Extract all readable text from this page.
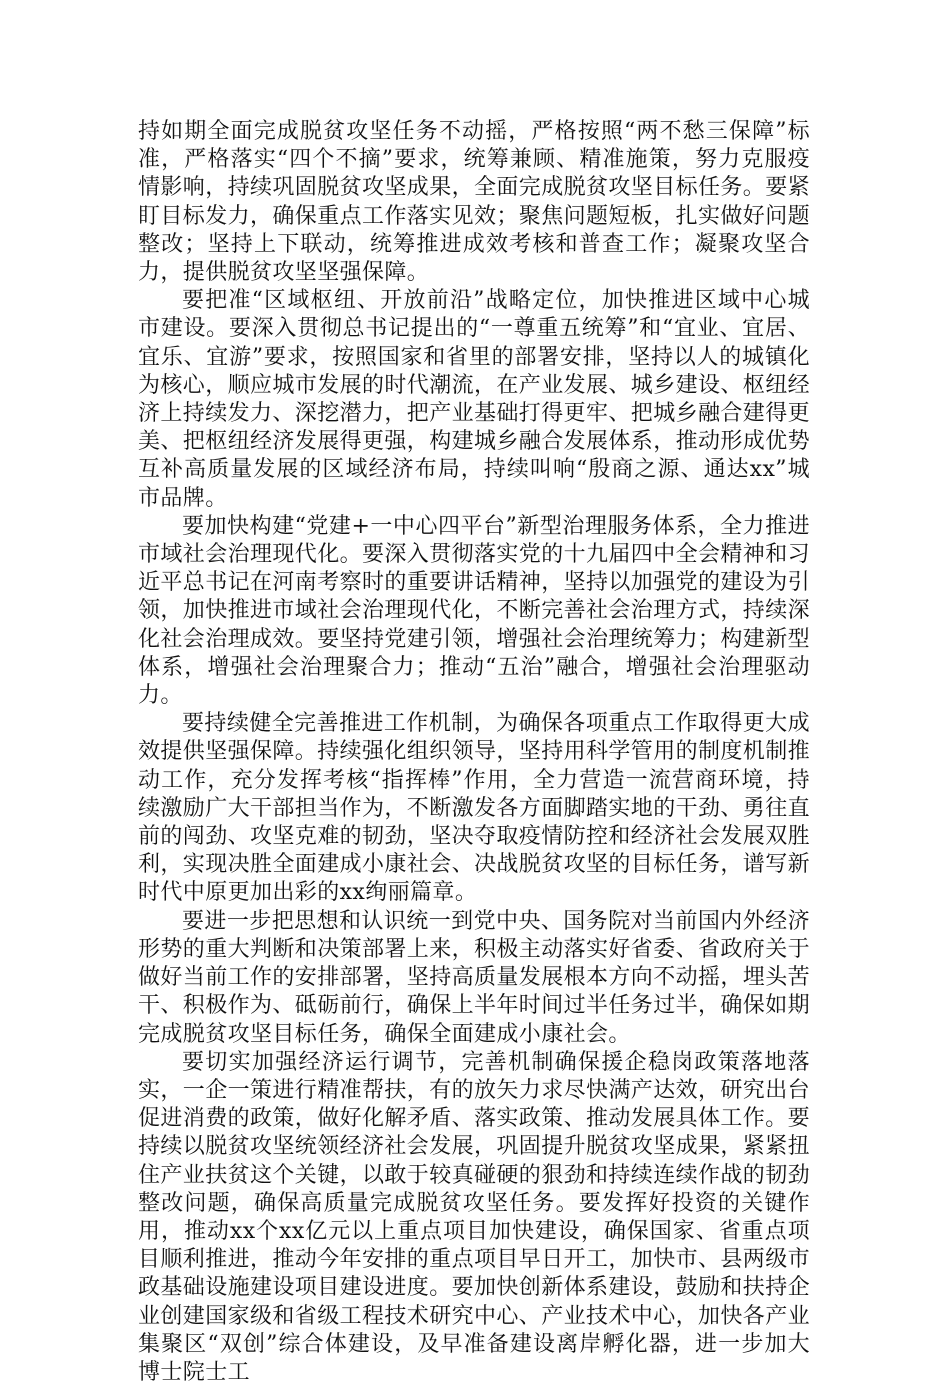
持如期全面完成脱贫攻坚任务不动摇，严格按照“两不愁三保障”标准，严格落实“四个不摘”要求，统筹兼顾、精准施策，努力克服疫情影响，持续巩固脱贫攻坚成果，全面完成脱贫攻坚目标任务。要紧盯目标发力，确保重点工作落实见效；聚焦问题短板，扎实做好问题整改；坚持上下联动，统筹推进成效考核和普查工作；凝聚攻坚合力，提供脱贫攻坚坚强保障。

要把准“区域枢纽、开放前沿”战略定位，加快推进区域中心城市建设。要深入贯彻总书记提出的“一尊重五统筹”和“宜业、宜居、宜乐、宜游”要求，按照国家和省里的部署安排，坚持以人的城镇化为核心，顺应城市发展的时代潮流，在产业发展、城乡建设、枢纽经济上持续发力、深挖潜力，把产业基础打得更牢、把城乡融合建得更美、把枢纽经济发展得更强，构建城乡融合发展体系，推动形成优势互补高质量发展的区域经济布局，持续叫响“殷商之源、通达xx”城市品牌。

要加快构建“党建+一中心四平台”新型治理服务体系，全力推进市域社会治理现代化。要深入贯彻落实党的十九届四中全会精神和习近平总书记在河南考察时的重要讲话精神，坚持以加强党的建设为引领，加快推进市域社会治理现代化，不断完善社会治理方式，持续深化社会治理成效。要坚持党建引领，增强社会治理统筹力；构建新型体系，增强社会治理聚合力；推动“五治”融合，增强社会治理驱动力。

要持续健全完善推进工作机制，为确保各项重点工作取得更大成效提供坚强保障。持续强化组织领导，坚持用科学管用的制度机制推动工作，充分发挥考核“指挥棒”作用，全力营造一流营商环境，持续激励广大干部担当作为，不断激发各方面脚踏实地的干劲、勇往直前的闯劲、攻坚克难的韧劲，坚决夺取疫情防控和经济社会发展双胜利，实现决胜全面建成小康社会、决战脱贫攻坚的目标任务，谱写新时代中原更加出彩的xx绚丽篇章。

要进一步把思想和认识统一到党中央、国务院对当前国内外经济形势的重大判断和决策部署上来，积极主动落实好省委、省政府关于做好当前工作的安排部署，坚持高质量发展根本方向不动摇，埋头苦干、积极作为、砥砺前行，确保上半年时间过半任务过半，确保如期完成脱贫攻坚目标任务，确保全面建成小康社会。

要切实加强经济运行调节，完善机制确保援企稳岗政策落地落实，一企一策进行精准帮扶，有的放矢力求尽快满产达效，研究出台促进消费的政策，做好化解矛盾、落实政策、推动发展具体工作。要持续以脱贫攻坚统领经济社会发展，巩固提升脱贫攻坚成果，紧紧扭住产业扶贫这个关键，以敢于较真碰硬的狠劲和持续连续作战的韧劲整改问题，确保高质量完成脱贫攻坚任务。要发挥好投资的关键作用，推动xx个xx亿元以上重点项目加快建设，确保国家、省重点项目顺利推进，推动今年安排的重点项目早日开工，加快市、县两级市政基础设施建设项目建设进度。要加快创新体系建设，鼓励和扶持企业创建国家级和省级工程技术研究中心、产业技术中心，加快各产业集聚区“双创”综合体建设，及早准备建设离岸孵化器，进一步加大博士院士工
